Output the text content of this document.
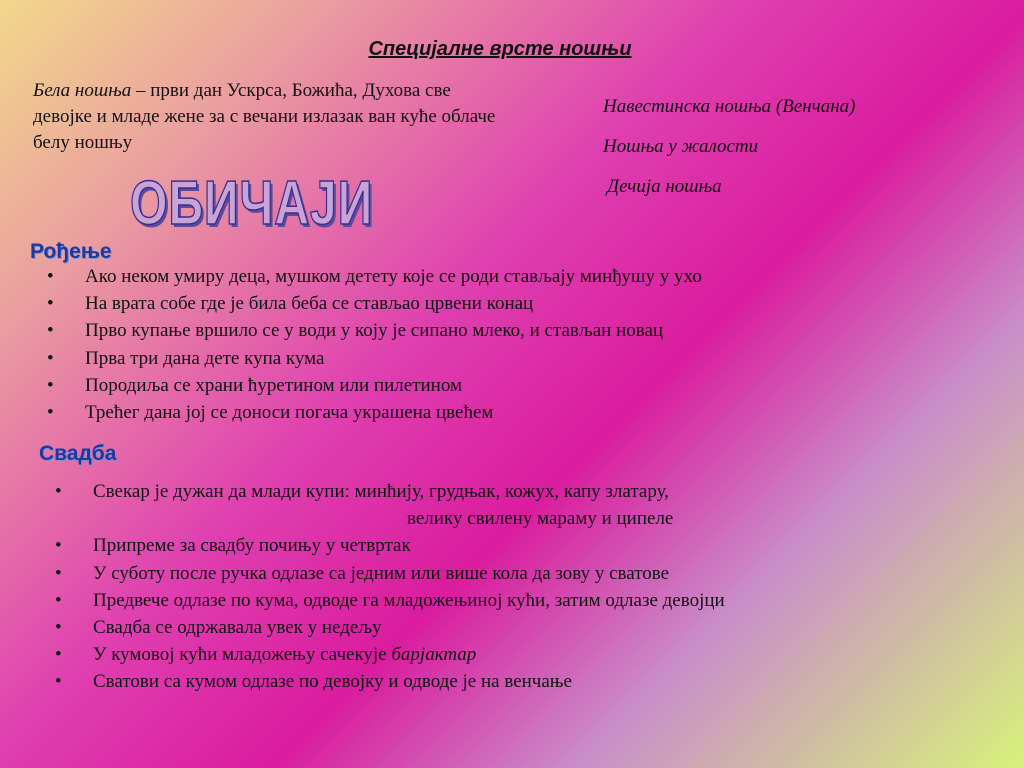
Специјалне врсте ношњи
Бела ношња – први дан Ускрса, Божића, Духова све девојке и младе жене за с вечани излазак ван куће облаче белу ношњу
Навестинска ношња (Венчана)
Ношња у жалости
Дечија ношња
ОБИЧАЈИ
Рођење
• Ако неком умиру деца, мушком детету које се роди стављају минђушу у ухо
• На врата собе где је била беба се стављао црвени конац
• Прво купање вршило се у води у коју је сипано млеко, и стављан новац
• Прва три дана дете купа кума
• Породиља се храни ћуретином или пилетином
• Трећег дана јој се доноси погача украшена цвећем
Свадба
• Свекар је дужан да млади купи: минћију, грудњак, кожух, капу златару,
велику свилену мараму и ципеле
• Припреме за свадбу почињу у четвртак
• У суботу после ручка одлазе са једним или више кола да зову у сватове
• Предвече одлазе по кума, одводе га младожењиној кући, затим одлазе девојци
• Свадба се одржавала увек у недељу
• У кумовој кући младожењу сачекује барјактар
• Сватови са кумом одлазе по девојку и одводе је на венчање
